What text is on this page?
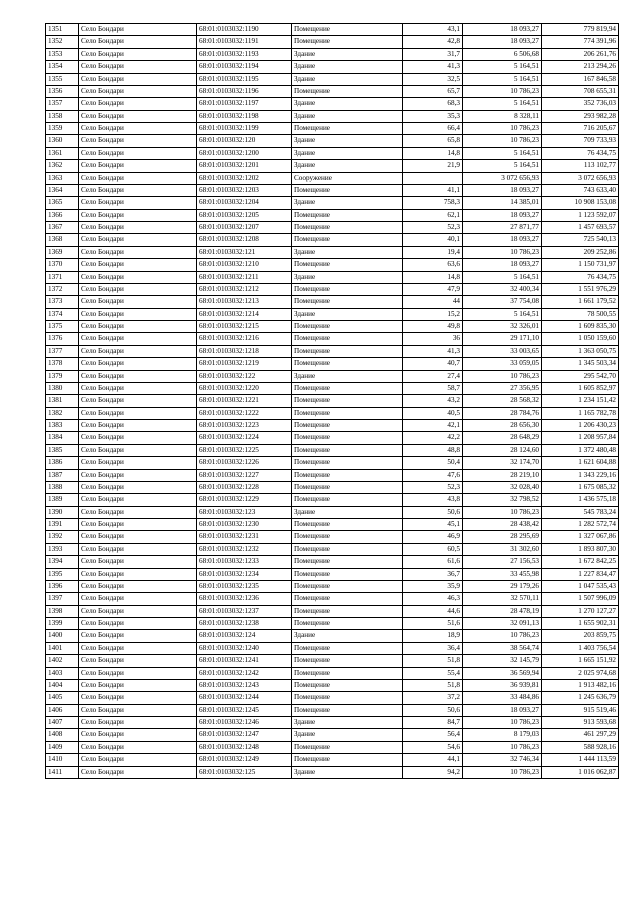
1351	Село Бондари	68:01:0103032:1190	Помещение	43,1	18 093,27	779 819,94
1352	Село Бондари	68:01:0103032:1191	Помещение	42,8	18 093,27	774 391,96
1353	Село Бондари	68:01:0103032:1193	Здание	31,7	6 506,68	206 261,76
1354	Село Бондари	68:01:0103032:1194	Здание	41,3	5 164,51	213 294,26
1355	Село Бондари	68:01:0103032:1195	Здание	32,5	5 164,51	167 846,58
1356	Село Бондари	68:01:0103032:1196	Помещение	65,7	10 786,23	708 655,31
1357	Село Бондари	68:01:0103032:1197	Здание	68,3	5 164,51	352 736,03
1358	Село Бондари	68:01:0103032:1198	Здание	35,3	8 328,11	293 982,28
1359	Село Бондари	68:01:0103032:1199	Помещение	66,4	10 786,23	716 205,67
1360	Село Бондари	68:01:0103032:120	Здание	65,8	10 786,23	709 733,93
1361	Село Бондари	68:01:0103032:1200	Здание	14,8	5 164,51	76 434,75
1362	Село Бондари	68:01:0103032:1201	Здание	21,9	5 164,51	113 102,77
1363	Село Бондари	68:01:0103032:1202	Сооружение		3 072 656,93	3 072 656,93
1364	Село Бондари	68:01:0103032:1203	Помещение	41,1	18 093,27	743 633,40
1365	Село Бондари	68:01:0103032:1204	Здание	758,3	14 385,01	10 908 153,08
1366	Село Бондари	68:01:0103032:1205	Помещение	62,1	18 093,27	1 123 592,07
1367	Село Бондари	68:01:0103032:1207	Помещение	52,3	27 871,77	1 457 693,57
1368	Село Бондари	68:01:0103032:1208	Помещение	40,1	18 093,27	725 540,13
1369	Село Бондари	68:01:0103032:121	Здание	19,4	10 786,23	209 252,86
1370	Село Бондари	68:01:0103032:1210	Помещение	63,6	18 093,27	1 150 731,97
1371	Село Бондари	68:01:0103032:1211	Здание	14,8	5 164,51	76 434,75
1372	Село Бондари	68:01:0103032:1212	Помещение	47,9	32 400,34	1 551 976,29
1373	Село Бондари	68:01:0103032:1213	Помещение	44	37 754,08	1 661 179,52
1374	Село Бондари	68:01:0103032:1214	Здание	15,2	5 164,51	78 500,55
1375	Село Бондари	68:01:0103032:1215	Помещение	49,8	32 326,01	1 609 835,30
1376	Село Бондари	68:01:0103032:1216	Помещение	36	29 171,10	1 050 159,60
1377	Село Бондари	68:01:0103032:1218	Помещение	41,3	33 003,65	1 363 050,75
1378	Село Бондари	68:01:0103032:1219	Помещение	40,7	33 059,05	1 345 503,34
1379	Село Бондари	68:01:0103032:122	Здание	27,4	10 786,23	295 542,70
1380	Село Бондари	68:01:0103032:1220	Помещение	58,7	27 356,95	1 605 852,97
1381	Село Бондари	68:01:0103032:1221	Помещение	43,2	28 568,32	1 234 151,42
1382	Село Бондари	68:01:0103032:1222	Помещение	40,5	28 784,76	1 165 782,78
1383	Село Бондари	68:01:0103032:1223	Помещение	42,1	28 656,30	1 206 430,23
1384	Село Бондари	68:01:0103032:1224	Помещение	42,2	28 648,29	1 208 957,84
1385	Село Бондари	68:01:0103032:1225	Помещение	48,8	28 124,60	1 372 480,48
1386	Село Бондари	68:01:0103032:1226	Помещение	50,4	32 174,70	1 621 604,88
1387	Село Бондари	68:01:0103032:1227	Помещение	47,6	28 219,10	1 343 229,16
1388	Село Бондари	68:01:0103032:1228	Помещение	52,3	32 028,40	1 675 085,32
1389	Село Бондари	68:01:0103032:1229	Помещение	43,8	32 798,52	1 436 575,18
1390	Село Бондари	68:01:0103032:123	Здание	50,6	10 786,23	545 783,24
1391	Село Бондари	68:01:0103032:1230	Помещение	45,1	28 438,42	1 282 572,74
1392	Село Бондари	68:01:0103032:1231	Помещение	46,9	28 295,69	1 327 067,86
1393	Село Бондари	68:01:0103032:1232	Помещение	60,5	31 302,60	1 893 807,30
1394	Село Бондари	68:01:0103032:1233	Помещение	61,6	27 156,53	1 672 842,25
1395	Село Бондари	68:01:0103032:1234	Помещение	36,7	33 455,98	1 227 834,47
1396	Село Бондари	68:01:0103032:1235	Помещение	35,9	29 179,26	1 047 535,43
1397	Село Бондари	68:01:0103032:1236	Помещение	46,3	32 570,11	1 507 996,09
1398	Село Бондари	68:01:0103032:1237	Помещение	44,6	28 478,19	1 270 127,27
1399	Село Бондари	68:01:0103032:1238	Помещение	51,6	32 091,13	1 655 902,31
1400	Село Бондари	68:01:0103032:124	Здание	18,9	10 786,23	203 859,75
1401	Село Бондари	68:01:0103032:1240	Помещение	36,4	38 564,74	1 403 756,54
1402	Село Бондари	68:01:0103032:1241	Помещение	51,8	32 145,79	1 665 151,92
1403	Село Бондари	68:01:0103032:1242	Помещение	55,4	36 569,94	2 025 974,68
1404	Село Бондари	68:01:0103032:1243	Помещение	51,8	36 939,81	1 913 482,16
1405	Село Бондари	68:01:0103032:1244	Помещение	37,2	33 484,86	1 245 636,79
1406	Село Бондари	68:01:0103032:1245	Помещение	50,6	18 093,27	915 519,46
1407	Село Бондари	68:01:0103032:1246	Здание	84,7	10 786,23	913 593,68
1408	Село Бондари	68:01:0103032:1247	Здание	56,4	8 179,03	461 297,29
1409	Село Бондари	68:01:0103032:1248	Помещение	54,6	10 786,23	588 928,16
1410	Село Бондари	68:01:0103032:1249	Помещение	44,1	32 746,34	1 444 113,59
1411	Село Бондари	68:01:0103032:125	Здание	94,2	10 786,23	1 016 062,87
